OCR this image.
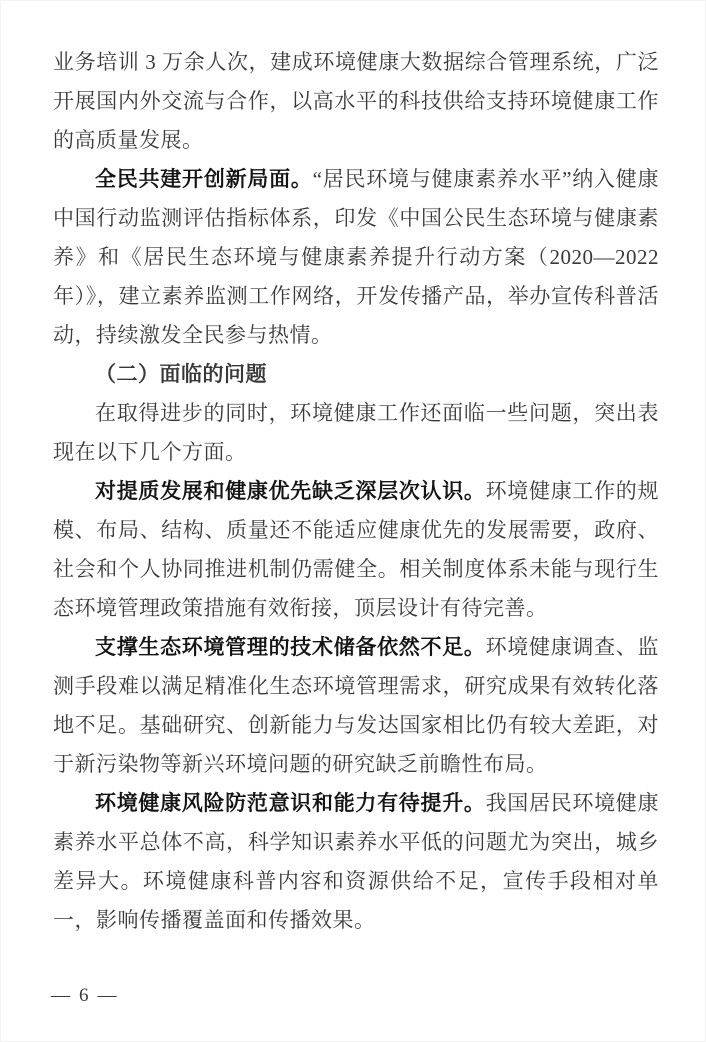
业务培训 3 万余人次，建成环境健康大数据综合管理系统，广泛开展国内外交流与合作，以高水平的科技供给支持环境健康工作的高质量发展。

全民共建开创新局面。“居民环境与健康素养水平”纳入健康中国行动监测评估指标体系，印发《中国公民生态环境与健康素养》和《居民生态环境与健康素养提升行动方案（2020—2022 年）》，建立素养监测工作网络，开发传播产品，举办宣传科普活动，持续激发全民参与热情。

（二）面临的问题

在取得进步的同时，环境健康工作还面临一些问题，突出表现在以下几个方面。

对提质发展和健康优先缺乏深层次认识。环境健康工作的规模、布局、结构、质量还不能适应健康优先的发展需要，政府、社会和个人协同推进机制仍需健全。相关制度体系未能与现行生态环境管理政策措施有效衔接，顶层设计有待完善。

支撑生态环境管理的技术储备依然不足。环境健康调查、监测手段难以满足精准化生态环境管理需求，研究成果有效转化落地不足。基础研究、创新能力与发达国家相比仍有较大差距，对于新污染物等新兴环境问题的研究缺乏前瞻性布局。

环境健康风险防范意识和能力有待提升。我国居民环境健康素养水平总体不高，科学知识素养水平低的问题尤为突出，城乡差异大。环境健康科普内容和资源供给不足，宣传手段相对单一，影响传播覆盖面和传播效果。

— 6 —
